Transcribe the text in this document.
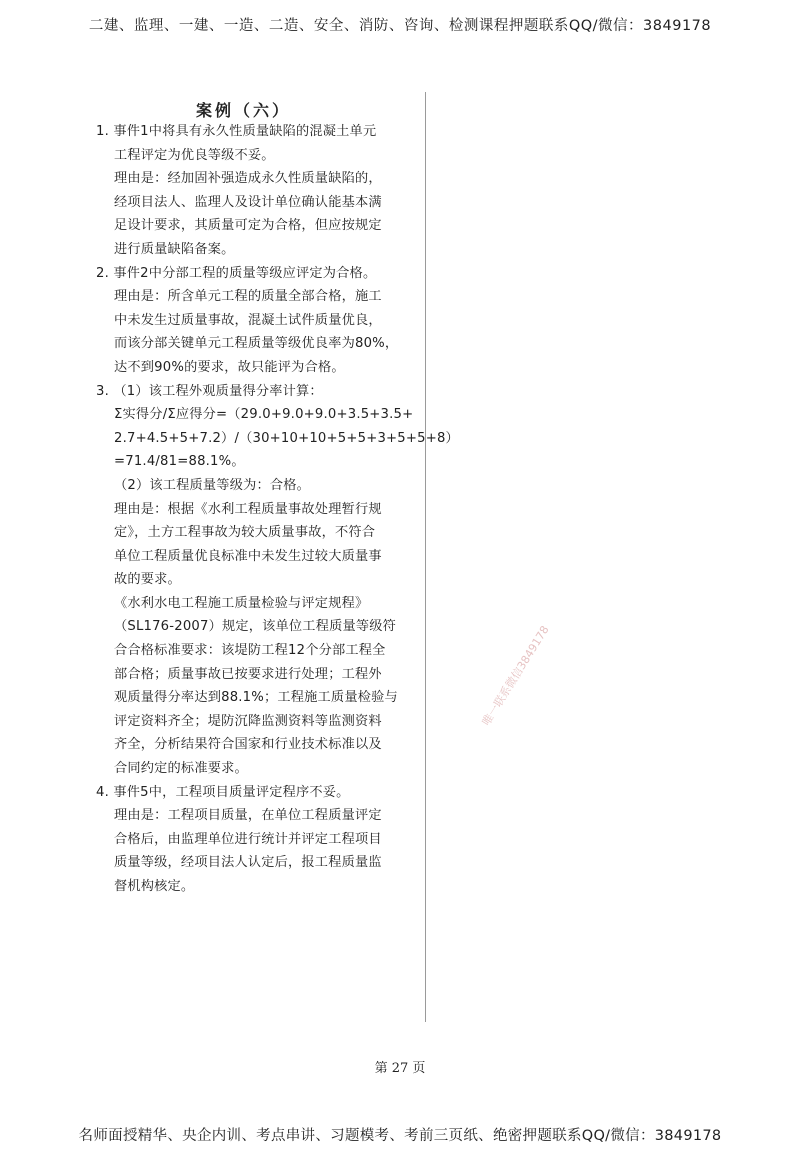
二建、监理、一建、一造、二造、安全、消防、咨询、检测课程押题联系QQ/微信：3849178
案例（六）
1. 事件1中将具有永久性质量缺陷的混凝土单元
工程评定为优良等级不妥。
理由是：经加固补强造成永久性质量缺陷的，
经项目法人、监理人及设计单位确认能基本满
足设计要求，其质量可定为合格，但应按规定
进行质量缺陷备案。
2. 事件2中分部工程的质量等级应评定为合格。
理由是：所含单元工程的质量全部合格，施工
中未发生过质量事故，混凝土试件质量优良，
而该分部关键单元工程质量等级优良率为80%，
达不到90%的要求，故只能评为合格。
3. （1）该工程外观质量得分率计算：
Σ实得分/Σ应得分=（29.0+9.0+9.0+3.5+3.5+
2.7+4.5+5+7.2）/（30+10+10+5+5+3+5+5+8）
=71.4/81=88.1%。
（2）该工程质量等级为：合格。
理由是：根据《水利工程质量事故处理暂行规
定》，土方工程事故为较大质量事故，不符合
单位工程质量优良标准中未发生过较大质量事
故的要求。
《水利水电工程施工质量检验与评定规程》
（SL176-2007）规定，该单位工程质量等级符
合合格标准要求：该堤防工程12个分部工程全
部合格；质量事故已按要求进行处理；工程外
观质量得分率达到88.1%；工程施工质量检验与
评定资料齐全；堤防沉降监测资料等监测资料
齐全，分析结果符合国家和行业技术标准以及
合同约定的标准要求。
4. 事件5中，工程项目质量评定程序不妥。
理由是：工程项目质量，在单位工程质量评定
合格后，由监理单位进行统计并评定工程项目
质量等级，经项目法人认定后，报工程质量监
督机构核定。
唯一联系微信3849178
第 27 页
名师面授精华、央企内训、考点串讲、习题模考、考前三页纸、绝密押题联系QQ/微信：3849178
